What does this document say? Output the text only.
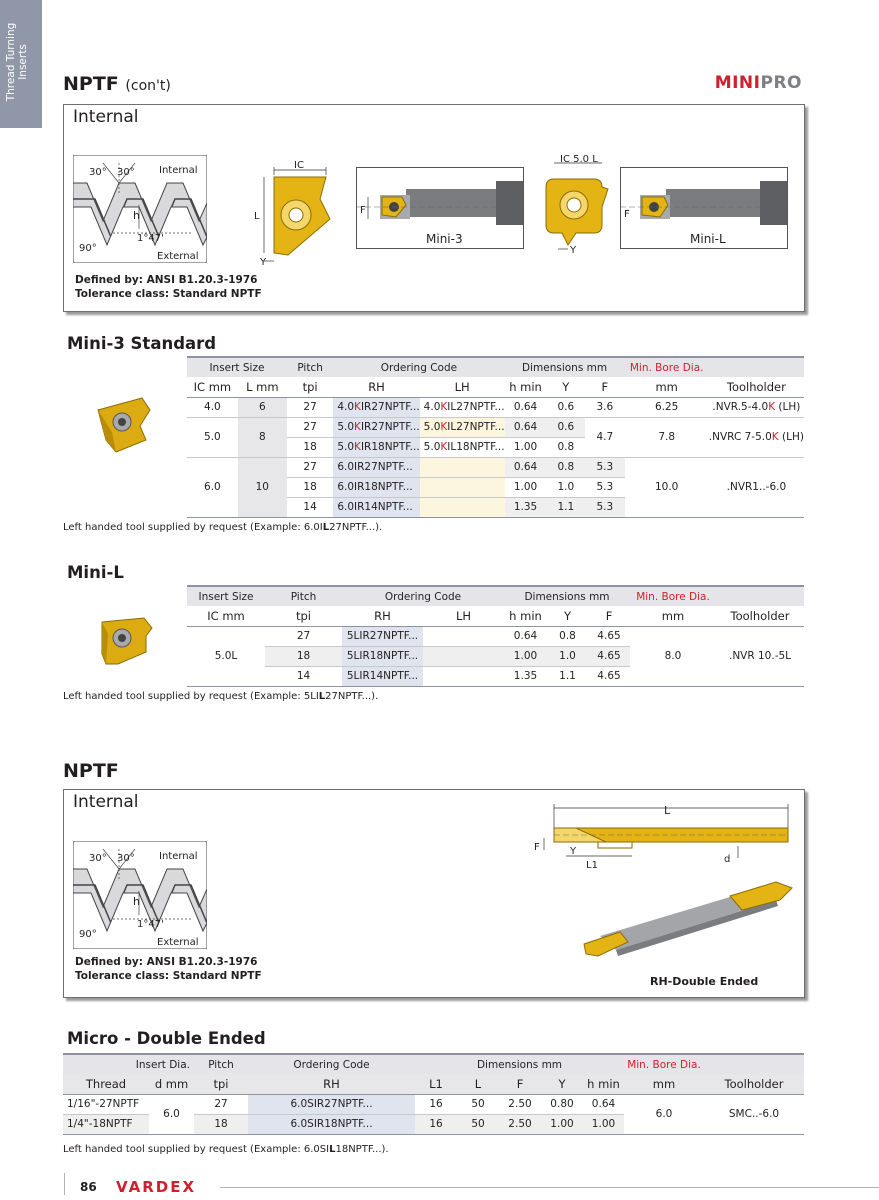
Thread Turning Inserts
NPTF (con't)	MINIPRO
Internal
30° 30° Internal
h
90°
1°47'
External
Defined by: ANSI B1.20.3-1976
Tolerance class: Standard NPTF
IC
L
Y
F
Mini-3
IC 5.0 L
Y
F
Mini-L
Mini-3 Standard
Insert Size		Pitch	Ordering Code		Dimensions mm			Min. Bore Dia.	
IC mm	L mm	tpi	RH	LH	h min	Y	F	mm	Toolholder
4.0	6	27	4.0KIR27NPTF...	4.0KIL27NPTF...	0.64	0.6	3.6	6.25	.NVR.5-4.0K (LH)
5.0	8	27	5.0KIR27NPTF...	5.0KIL27NPTF...	0.64	0.6	4.7	7.8	.NVRC 7-5.0K (LH)
		18	5.0KIR18NPTF...	5.0KIL18NPTF...	1.00	0.8			
6.0	10	27	6.0IR27NPTF...		0.64	0.8	5.3	10.0	.NVR1..-6.0
		18	6.0IR18NPTF...		1.00	1.0	5.3		
		14	6.0IR14NPTF...		1.35	1.1	5.3		
Left handed tool supplied by request (Example: 6.0IL27NPTF...).
Mini-L
Insert Size	Pitch	Ordering Code		Dimensions mm			Min. Bore Dia.	
IC mm	tpi	RH	LH	h min	Y	F	mm	Toolholder
5.0L	27	5LIR27NPTF...		0.64	0.8	4.65	8.0	.NVR 10.-5L
	18	5LIR18NPTF...		1.00	1.0	4.65		
	14	5LIR14NPTF...		1.35	1.1	4.65		
Left handed tool supplied by request (Example: 5LIL27NPTF...).
NPTF
Internal
30° 30° Internal
h
90°
1°47'
External
Defined by: ANSI B1.20.3-1976
Tolerance class: Standard NPTF
L
F	Y
L1
d
RH-Double Ended
Micro - Double Ended
Insert Dia.		Pitch	Ordering Code	Dimensions mm					Min. Bore Dia.	
Thread	d mm	tpi	RH	L1	L	F	Y	h min	mm	Toolholder
1/16"-27NPTF	6.0	27	6.0SIR27NPTF...	16	50	2.50	0.80	0.64	6.0	SMC..-6.0
1/4"-18NPTF		18	6.0SIR18NPTF...	16	50	2.50	1.00	1.00		
Left handed tool supplied by request (Example: 6.0SIL18NPTF...).
86 VARDEX
